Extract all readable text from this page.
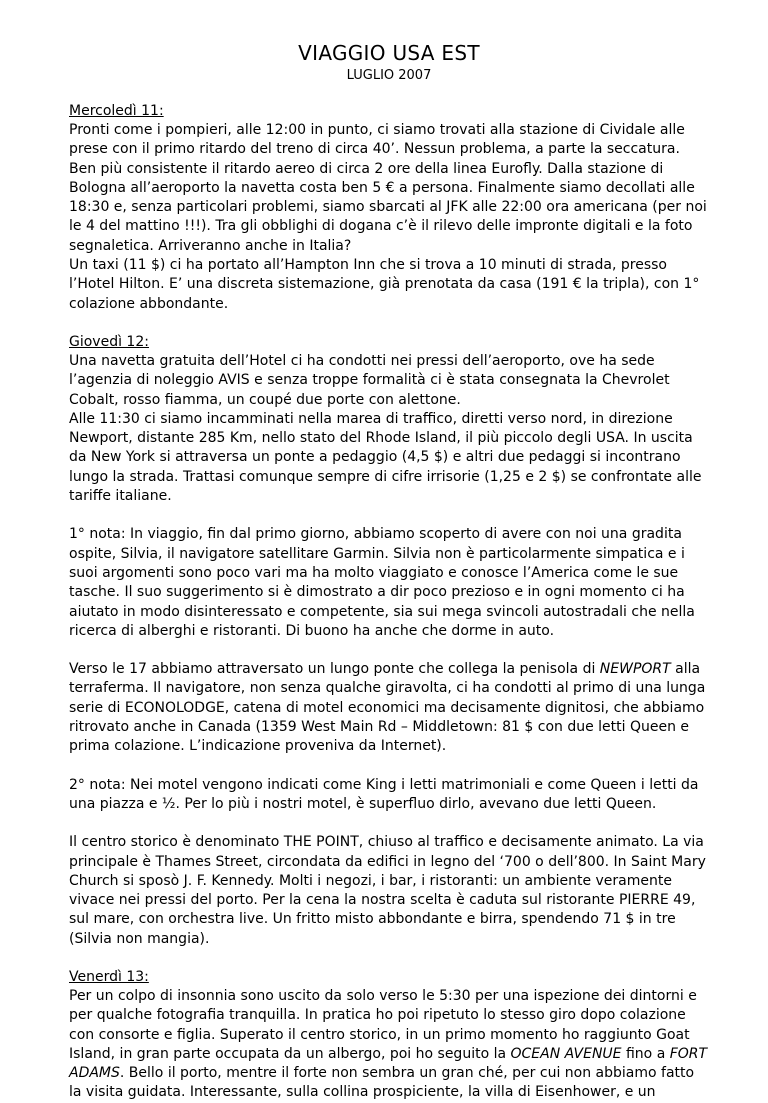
VIAGGIO USA EST
LUGLIO 2007
Mercoledì 11:

Pronti come i pompieri, alle 12:00 in punto, ci siamo trovati alla stazione di Cividale alle prese con il primo ritardo del treno di circa 40’. Nessun problema, a parte la seccatura. Ben più consistente il ritardo aereo di circa 2 ore della linea Eurofly. Dalla stazione di Bologna all’aeroporto la navetta costa ben 5 € a persona. Finalmente siamo decollati alle 18:30 e, senza particolari problemi, siamo sbarcati al JFK alle 22:00 ora americana (per noi le 4 del mattino !!!). Tra gli obblighi di dogana c’è il rilevo delle impronte digitali e la foto segnaletica. Arriveranno anche in Italia?

Un taxi (11 $) ci ha portato all’Hampton Inn che si trova a 10 minuti di strada, presso l’Hotel Hilton. E’ una discreta sistemazione, già prenotata da casa (191 € la tripla), con 1° colazione abbondante.

Giovedì 12:

Una navetta gratuita dell’Hotel ci ha condotti nei pressi dell’aeroporto, ove ha sede l’agenzia di noleggio AVIS e senza troppe formalità ci è stata consegnata la Chevrolet Cobalt, rosso fiamma, un coupé due porte con alettone.

Alle 11:30 ci siamo incamminati nella marea di traffico, diretti verso nord, in direzione Newport, distante 285 Km, nello stato del Rhode Island, il più piccolo degli USA. In uscita da New York si attraversa un ponte a pedaggio (4,5 $) e altri due pedaggi si incontrano lungo la strada. Trattasi comunque sempre di cifre irrisorie (1,25 e 2 $) se confrontate alle tariffe italiane.

1° nota: In viaggio, fin dal primo giorno, abbiamo scoperto di avere con noi una gradita ospite, Silvia, il navigatore satellitare Garmin. Silvia non è particolarmente simpatica e i suoi argomenti sono poco vari ma ha molto viaggiato e conosce l’America come le sue tasche. Il suo suggerimento si è dimostrato a dir poco prezioso e in ogni momento ci ha aiutato in modo disinteressato e competente, sia sui mega svincoli autostradali che nella ricerca di alberghi e ristoranti. Di buono ha anche che dorme in auto.

Verso le 17 abbiamo attraversato un lungo ponte che collega la penisola di NEWPORT alla terraferma. Il navigatore, non senza qualche giravolta, ci ha condotti al primo di una lunga serie di ECONOLODGE, catena di motel economici ma decisamente dignitosi, che abbiamo ritrovato anche in Canada (1359 West Main Rd – Middletown: 81 $ con due letti Queen e prima colazione. L’indicazione proveniva da Internet).

2° nota: Nei motel vengono indicati come King i letti matrimoniali e come Queen i letti da una piazza e ½. Per lo più i nostri motel, è superfluo dirlo, avevano due letti Queen.

Il centro storico è denominato THE POINT, chiuso al traffico e decisamente animato. La via principale è Thames Street, circondata da edifici in legno del ‘700 o dell’800. In Saint Mary Church si sposò J. F. Kennedy. Molti i negozi, i bar, i ristoranti: un ambiente veramente vivace nei pressi del porto. Per la cena la nostra scelta è caduta sul ristorante PIERRE 49, sul mare, con orchestra live. Un fritto misto abbondante e birra, spendendo 71 $ in tre (Silvia non mangia).

Venerdì 13:

Per un colpo di insonnia sono uscito da solo verso le 5:30 per una ispezione dei dintorni e per qualche fotografia tranquilla. In pratica ho poi ripetuto lo stesso giro dopo colazione con consorte e figlia. Superato il centro storico, in un primo momento ho raggiunto Goat Island, in gran parte occupata da un albergo, poi ho seguito la OCEAN AVENUE fino a FORT ADAMS. Bello il porto, mentre il forte non sembra un gran ché, per cui non abbiamo fatto la visita guidata. Interessante, sulla collina prospiciente, la villa di Eisenhower, e un
